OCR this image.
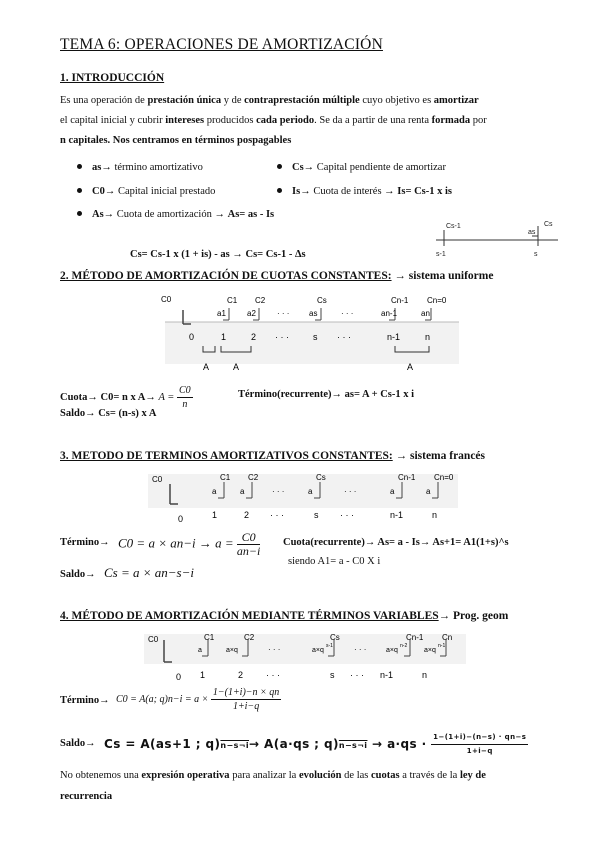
TEMA 6: OPERACIONES DE AMORTIZACIÓN
1. INTRODUCCIÓN
Es una operación de prestación única y de contraprestación múltiple cuyo objetivo es amortizar
el capital inicial y cubrir intereses producidos cada periodo. Se da a partir de una renta formada por
n capitales. Nos centramos en términos pospagables
as→ término amortizativo	Cs→ Capital pendiente de amortizar
C0→ Capital inicial prestado	Is→ Cuota de interés → Is= Cs-1 x is
As→ Cuota de amortización → As= as - Is
Cs-1	Cs
as
s-1	s
Cs= Cs-1 x (1 + is) - as → Cs= Cs-1 - Δs
2. MÉTODO DE AMORTIZACIÓN DE CUOTAS CONSTANTES: → sistema uniforme
C0	C1 C2	Cs	Cn-1 Cn=0
a1	a2	as	an-1	an
· · ·	· · ·
0	1	2 · · ·	s · · ·	n-1	n
A	A	A
Cuota→ C0= n x $A\to A = \frac{C0}{n}$	Término(recurrente)→ as= A + Cs-1 x i
Saldo→ Cs= (n-s) x A
3. METODO DE TERMINOS AMORTIZATIVOS CONSTANTES: → sistema francés
C0	C1 C2	Cs	Cn-1 Cn=0
a	a	a	a	a
· · ·	· · ·
0	1	2 · · ·	s · · ·	n-1	n
Término→ $C0 = a \times an-i \to a = \frac{C0}{an-i}$ Cuota(recurrente)→ As= a - Is→ As+1= A1(1+s)^s
siendo A1= a - C0 X i
Saldo→ Cs = a × an−s−i
4. MÉTODO DE AMORTIZACIÓN MEDIANTE TÉRMINOS VARIABLES→ Prog. geom
C0	C1	C2	Cs	Cn-1 Cn
a	a×q	a×q
s-1
a×q
n-2
a×q
n-1
· · ·	· · ·
0 1	2	· · ·	s · · · n-1	n
Término→ C0 = A(a; $q)n-i = a \times \frac{1-(1+i)-n \times qn}{1+i-q}$
Saldo→ Cs = A(as+1 ; q)n−s¬i→ A(a·qs ; q)n−s¬i → $a\cdot qs \cdot \frac{1-(1+i)-(n-s) \cdot qn-s}{1+i-q}$
No obtenemos una expresión operativa para analizar la evolución de las cuotas a través de la ley de
recurrencia
